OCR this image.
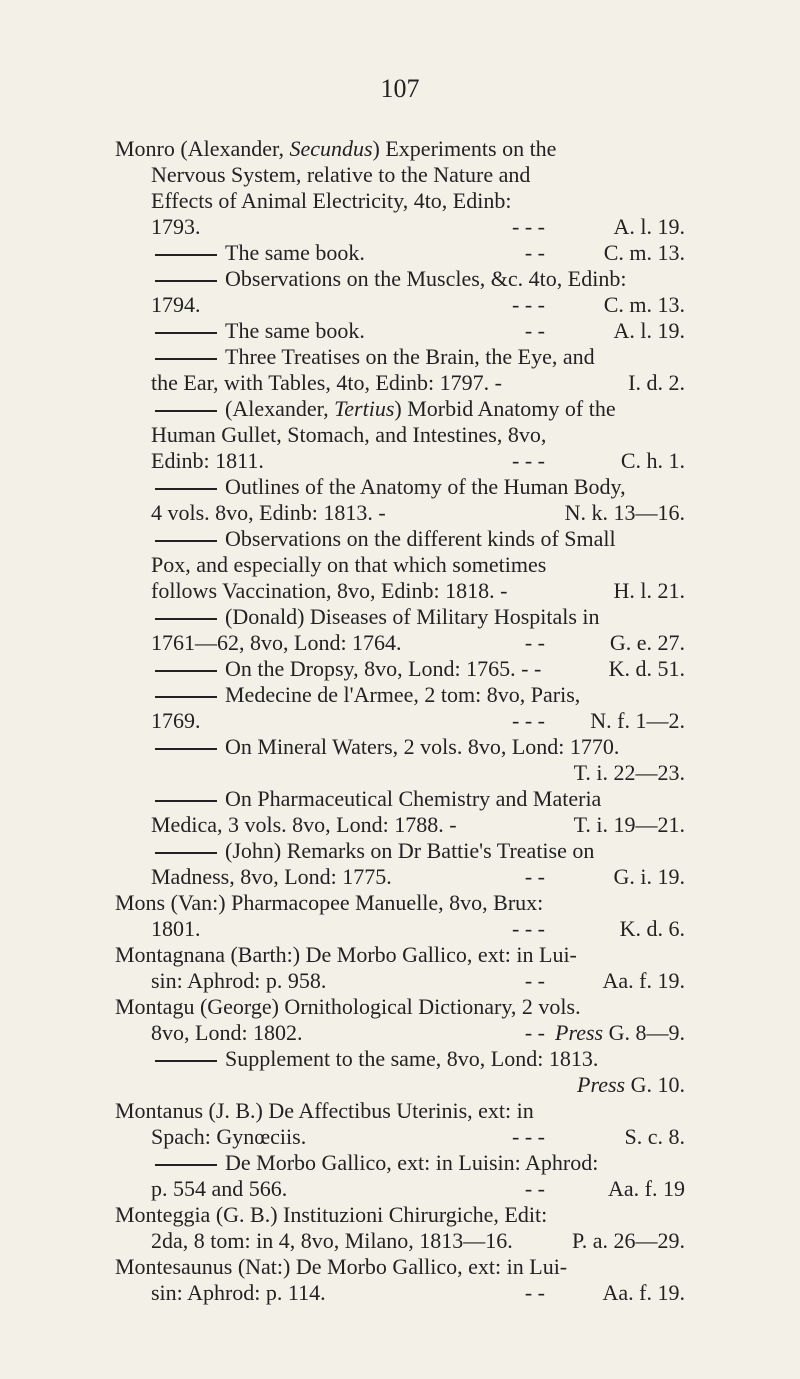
107
Monro (Alexander, Secundus) Experiments on the
Nervous System, relative to the Nature and
Effects of Animal Electricity, 4to, Edinb:
1793.	- - -	A. l. 19.
The same book.	- -	C. m. 13.
Observations on the Muscles, &c. 4to, Edinb:
1794.	- - -	C. m. 13.
The same book.	- -	A. l. 19.
Three Treatises on the Brain, the Eye, and
the Ear, with Tables, 4to, Edinb: 1797. -	I. d. 2.
(Alexander, Tertius) Morbid Anatomy of the
Human Gullet, Stomach, and Intestines, 8vo,
Edinb: 1811.	- - -	C. h. 1.
Outlines of the Anatomy of the Human Body,
4 vols. 8vo, Edinb: 1813. -	N. k. 13—16.
Observations on the different kinds of Small
Pox, and especially on that which sometimes
follows Vaccination, 8vo, Edinb: 1818. -	H. l. 21.
(Donald) Diseases of Military Hospitals in
1761—62, 8vo, Lond: 1764.	- -	G. e. 27.
On the Dropsy, 8vo, Lond: 1765. - -	K. d. 51.
Medecine de l'Armee, 2 tom: 8vo, Paris,
1769.	- - - N. f. 1—2.
On Mineral Waters, 2 vols. 8vo, Lond: 1770.
T. i. 22—23.
On Pharmaceutical Chemistry and Materia
Medica, 3 vols. 8vo, Lond: 1788. -	T. i. 19—21.
(John) Remarks on Dr Battie's Treatise on
Madness, 8vo, Lond: 1775.	- -	G. i. 19.
Mons (Van:) Pharmacopee Manuelle, 8vo, Brux:
1801.	- - -	K. d. 6.
Montagnana (Barth:) De Morbo Gallico, ext: in Lui-
sin: Aphrod: p. 958.	- -	Aa. f. 19.
Montagu (George) Ornithological Dictionary, 2 vols.
8vo, Lond: 1802.	- - Press G. 8—9.
Supplement to the same, 8vo, Lond: 1813.
Press G. 10.
Montanus (J. B.) De Affectibus Uterinis, ext: in
Spach: Gynœciis.	- - -	S. c. 8.
De Morbo Gallico, ext: in Luisin: Aphrod:
p. 554 and 566.	- -	Aa. f. 19
Monteggia (G. B.) Instituzioni Chirurgiche, Edit:
2da, 8 tom: in 4, 8vo, Milano, 1813—16.	P. a. 26—29.
Montesaunus (Nat:) De Morbo Gallico, ext: in Lui-
sin: Aphrod: p. 114.	- -	Aa. f. 19.
